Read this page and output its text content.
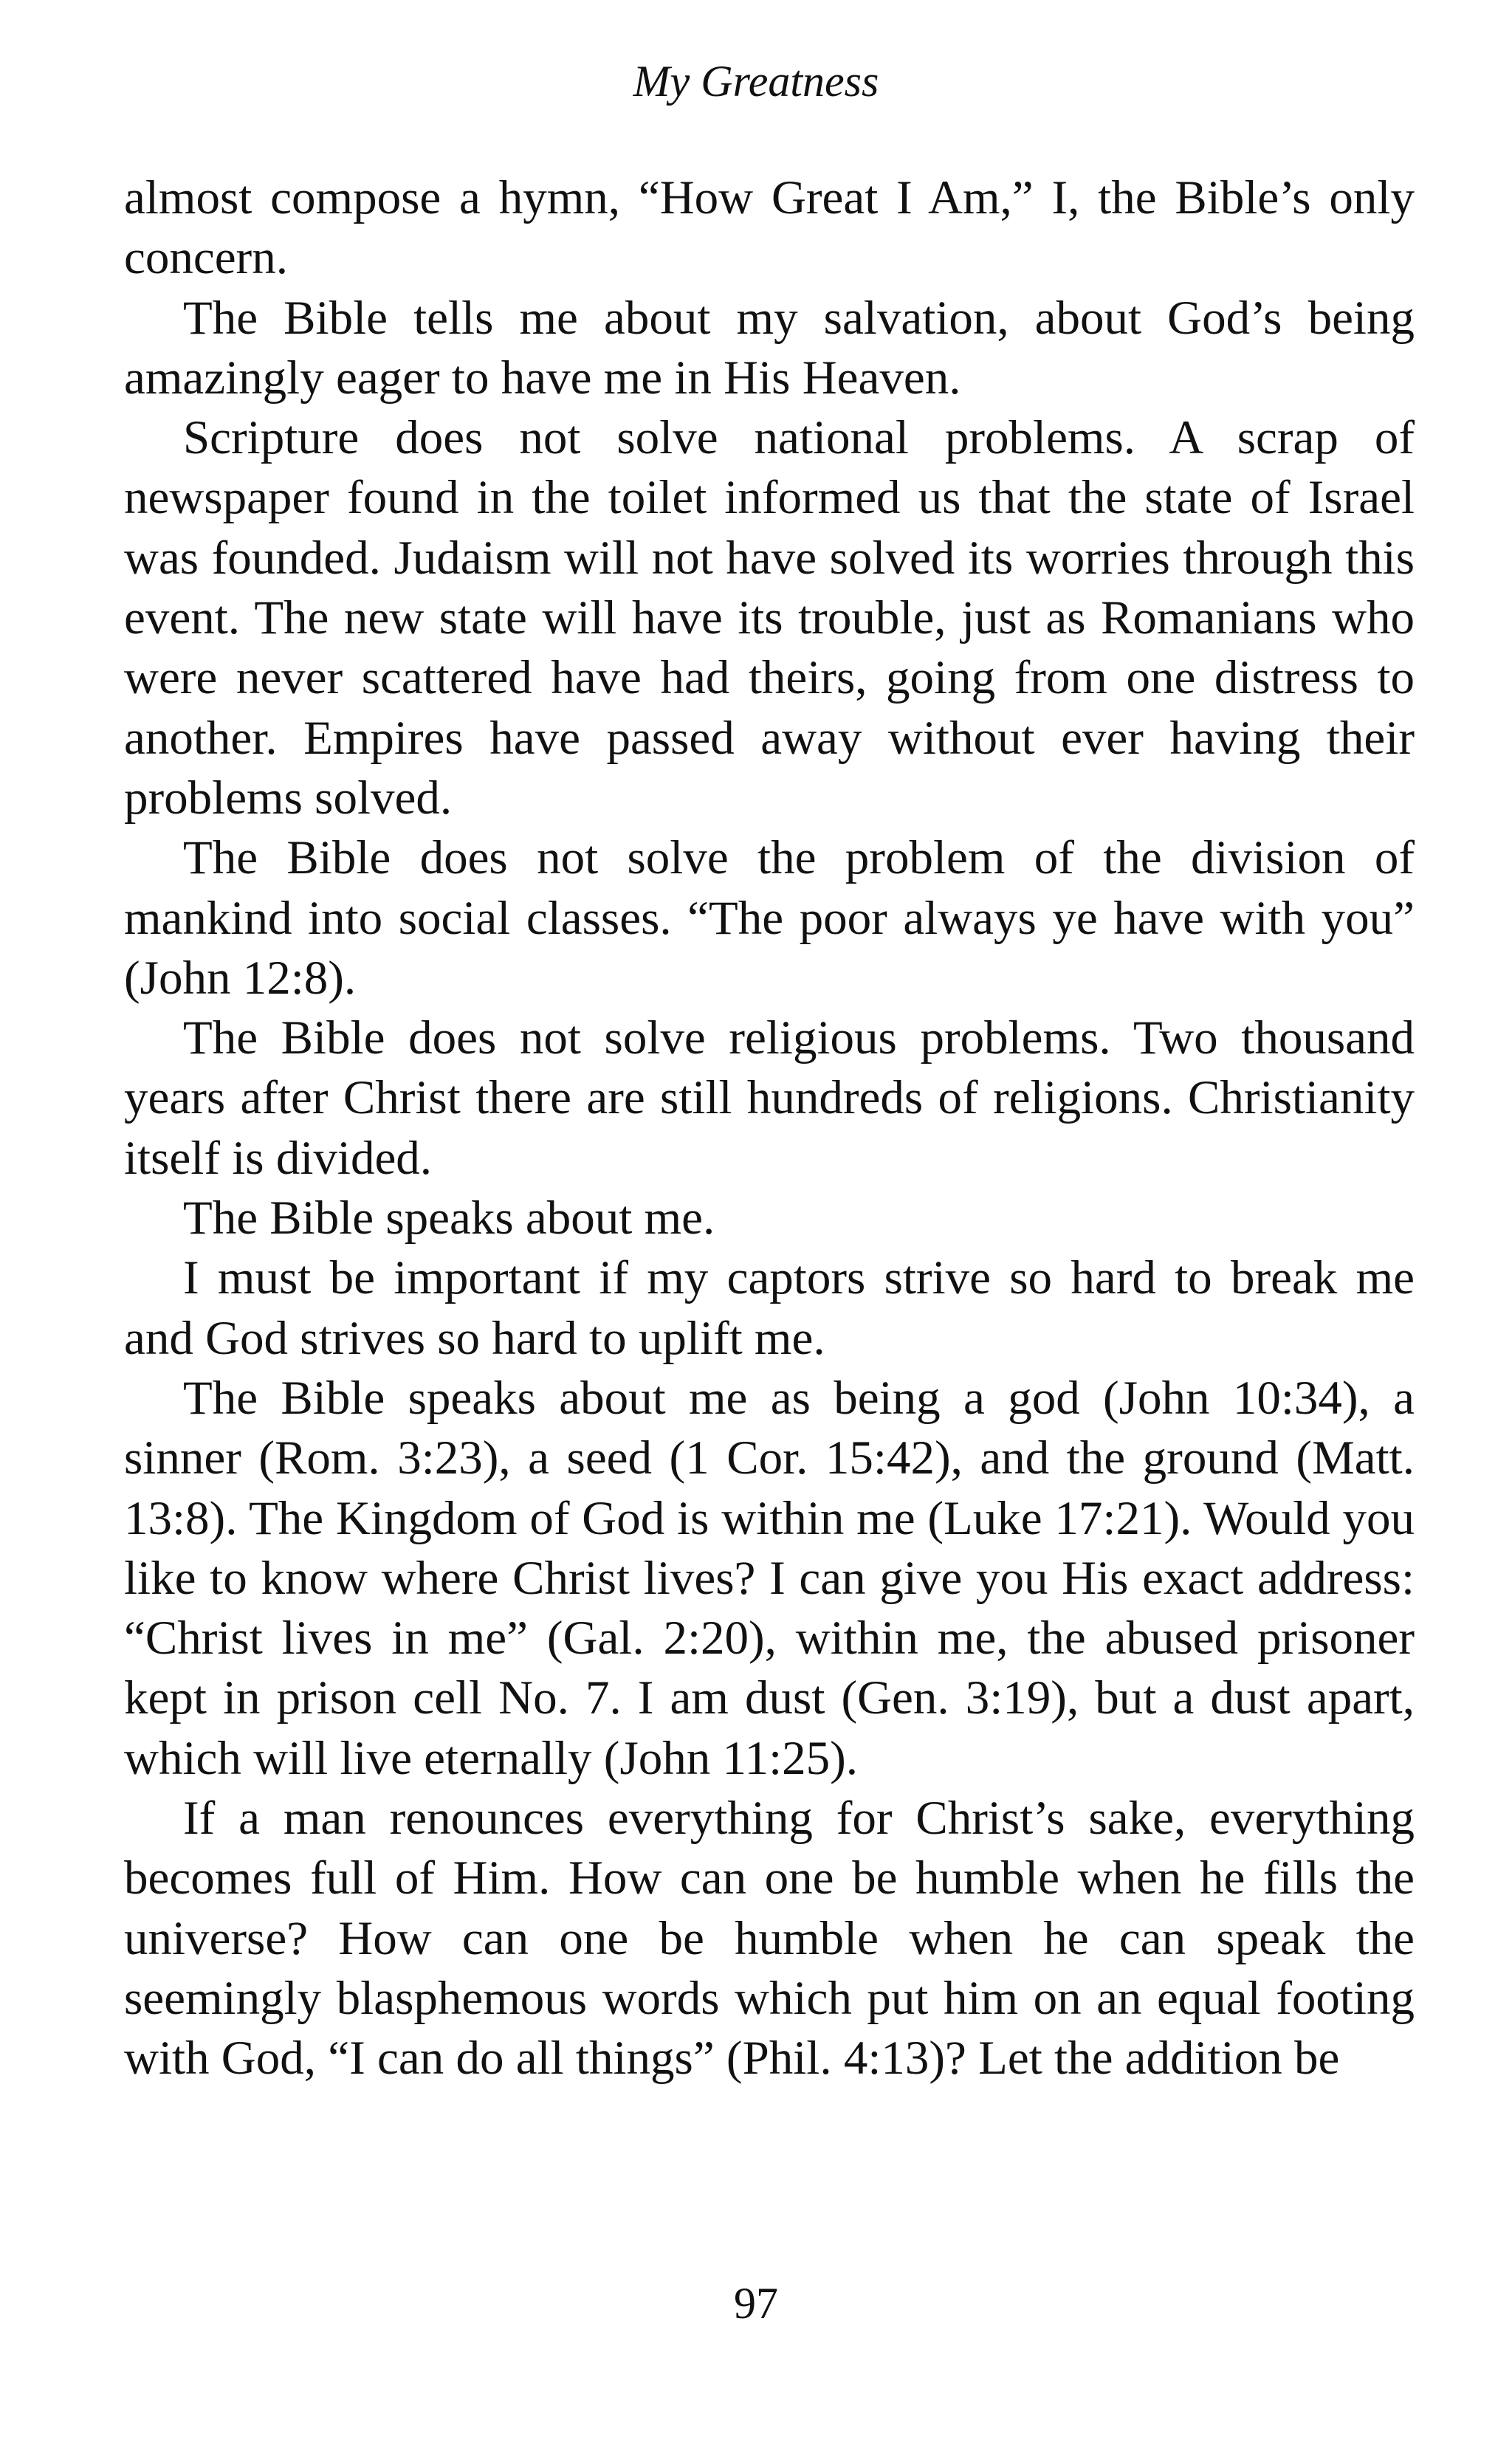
My Greatness

almost compose a hymn, “How Great I Am,” I, the Bible’s only concern.

The Bible tells me about my salvation, about God’s being amazingly eager to have me in His Heaven.

Scripture does not solve national problems. A scrap of newspaper found in the toilet informed us that the state of Israel was founded. Judaism will not have solved its worries through this event. The new state will have its trouble, just as Romanians who were never scattered have had theirs, going from one distress to another. Empires have passed away without ever having their problems solved.

The Bible does not solve the problem of the division of mankind into social classes. “The poor always ye have with you” (John 12:8).

The Bible does not solve religious problems. Two thousand years after Christ there are still hundreds of religions. Christianity itself is divided.

The Bible speaks about me.

I must be important if my captors strive so hard to break me and God strives so hard to uplift me.

The Bible speaks about me as being a god (John 10:34), a sinner (Rom. 3:23), a seed (1 Cor. 15:42), and the ground (Matt. 13:8). The Kingdom of God is within me (Luke 17:21). Would you like to know where Christ lives? I can give you His exact address: “Christ lives in me” (Gal. 2:20), within me, the abused prisoner kept in prison cell No. 7. I am dust (Gen. 3:19), but a dust apart, which will live eternally (John 11:25).

If a man renounces everything for Christ’s sake, everything becomes full of Him. How can one be humble when he fills the universe? How can one be humble when he can speak the seemingly blasphemous words which put him on an equal footing with God, “I can do all things” (Phil. 4:13)? Let the addition be

97
